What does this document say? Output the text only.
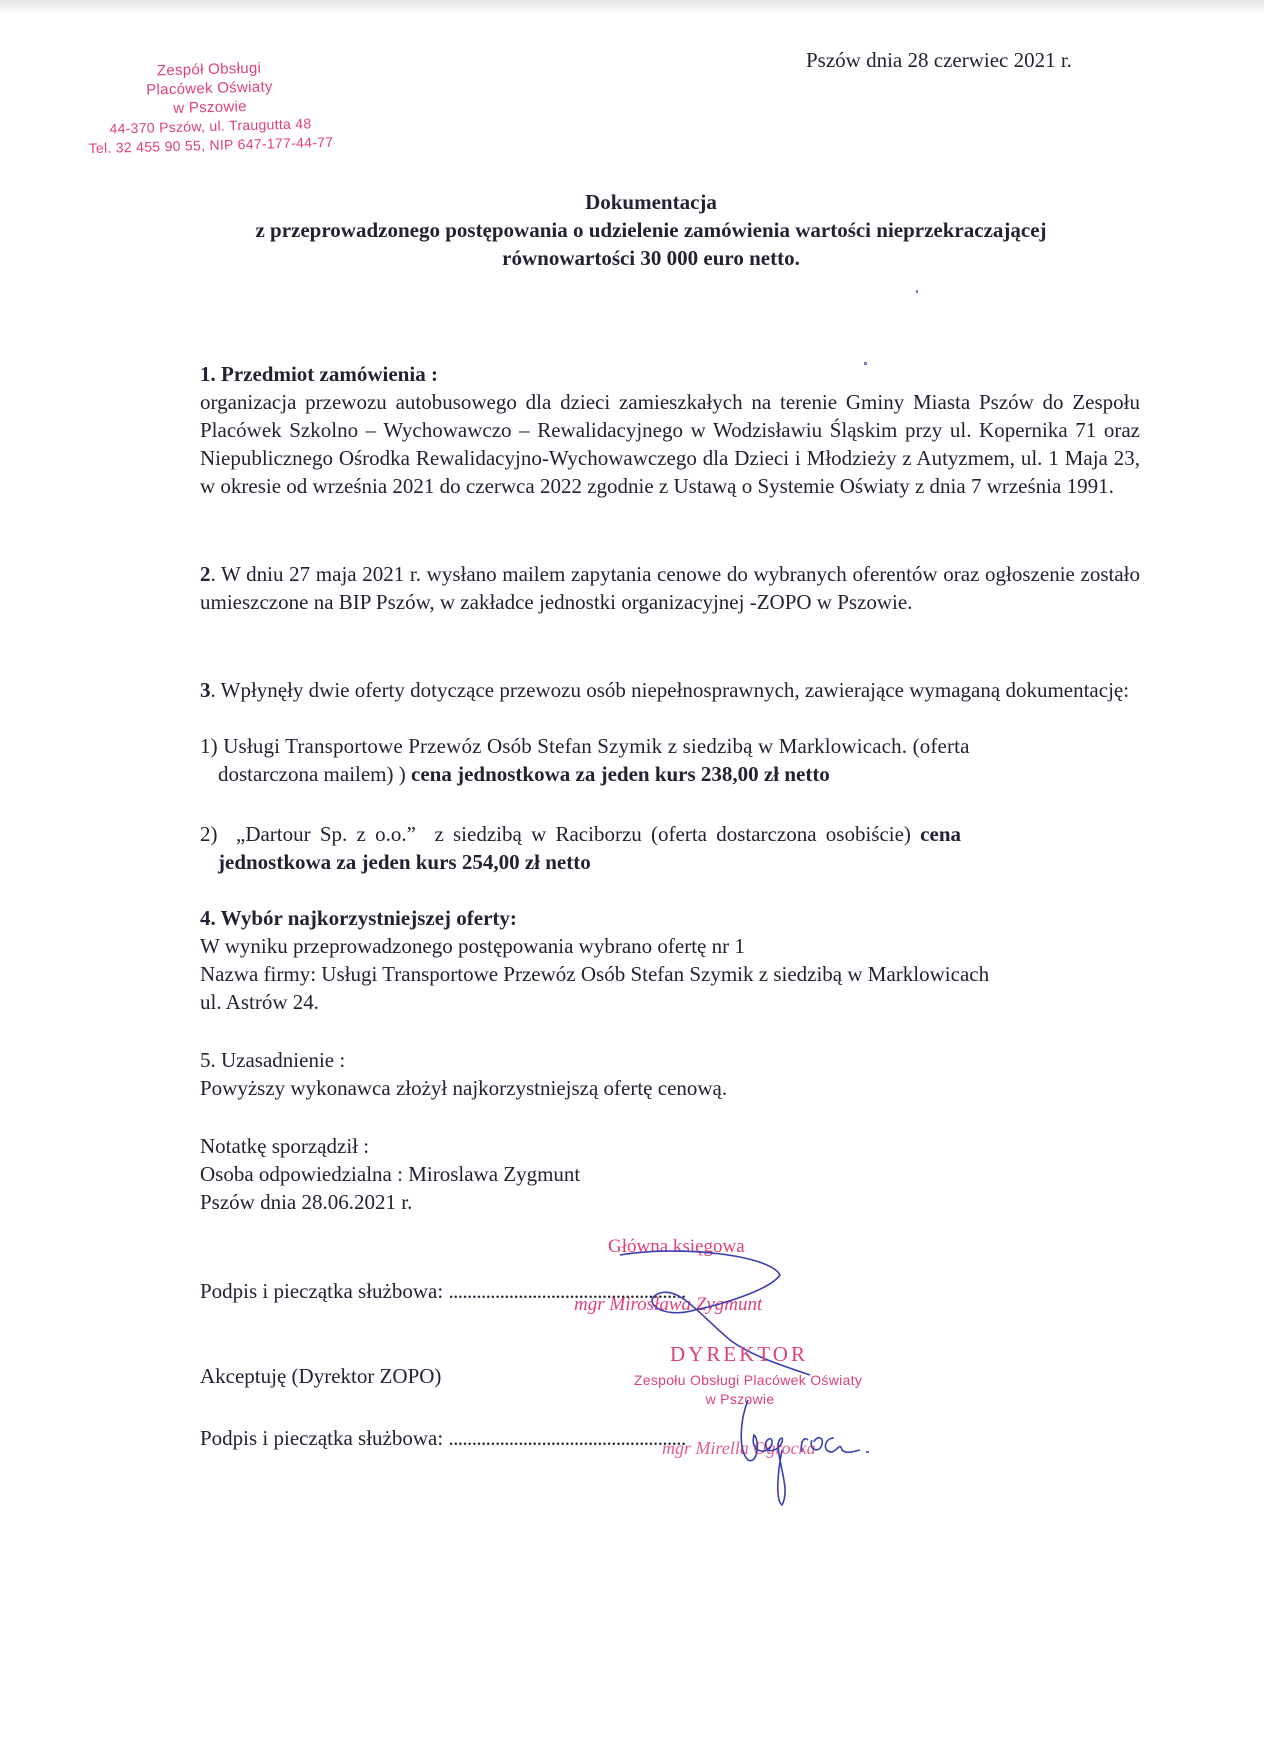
Zespół Obsługi
Placówek Oświaty
w Pszowie
44-370 Pszów, ul. Traugutta 48
Tel. 32 455 90 55, NIP 647-177-44-77
Pszów dnia 28 czerwiec 2021 r.
Dokumentacja
z przeprowadzonego postępowania o udzielenie zamówienia wartości nieprzekraczającej
równowartości 30 000 euro netto.
1. Przedmiot zamówienia :
organizacja przewozu autobusowego dla dzieci zamieszkałych na terenie Gminy Miasta Pszów do Zespołu Placówek Szkolno – Wychowawczo – Rewalidacyjnego w Wodzisławiu Śląskim przy ul. Kopernika 71 oraz Niepublicznego Ośrodka Rewalidacyjno-Wychowawczego dla Dzieci i Młodzieży z Autyzmem, ul. 1 Maja 23, w okresie od września 2021 do czerwca 2022 zgodnie z Ustawą o Systemie Oświaty z dnia 7 września 1991.
2. W dniu 27 maja 2021 r. wysłano mailem zapytania cenowe do wybranych oferentów oraz ogłoszenie zostało umieszczone na BIP Pszów, w zakładce jednostki organizacyjnej -ZOPO w Pszowie.
3. Wpłynęły dwie oferty dotyczące przewozu osób niepełnosprawnych, zawierające wymaganą dokumentację:
1) Usługi Transportowe Przewóz Osób Stefan Szymik z siedzibą w Marklowicach. (oferta
dostarczona mailem) ) cena jednostkowa za jeden kurs 238,00 zł netto
2)  „Dartour Sp. z o.o.”  z siedzibą w Raciborzu (oferta dostarczona osobiście) cena
jednostkowa za jeden kurs 254,00 zł netto
4. Wybór najkorzystniejszej oferty:
W wyniku przeprowadzonego postępowania wybrano ofertę nr 1
Nazwa firmy: Usługi Transportowe Przewóz Osób Stefan Szymik z siedzibą w Marklowicach
ul. Astrów 24.
5. Uzasadnienie :
Powyższy wykonawca złożył najkorzystniejszą ofertę cenową.
Notatkę sporządził :
Osoba odpowiedzialna : Miroslawa Zygmunt
Pszów dnia 28.06.2021 r.
Główna księgowa
Podpis i pieczątka służbowa: ...................................................
mgr Mirosława Zygmunt
Akceptuję (Dyrektor ZOPO)
DYREKTOR
Zespołu Obsługi Placówek Oświaty
w Pszowie
Podpis i pieczątka służbowa: ...................................................
mgr Mirella Ogrocka
